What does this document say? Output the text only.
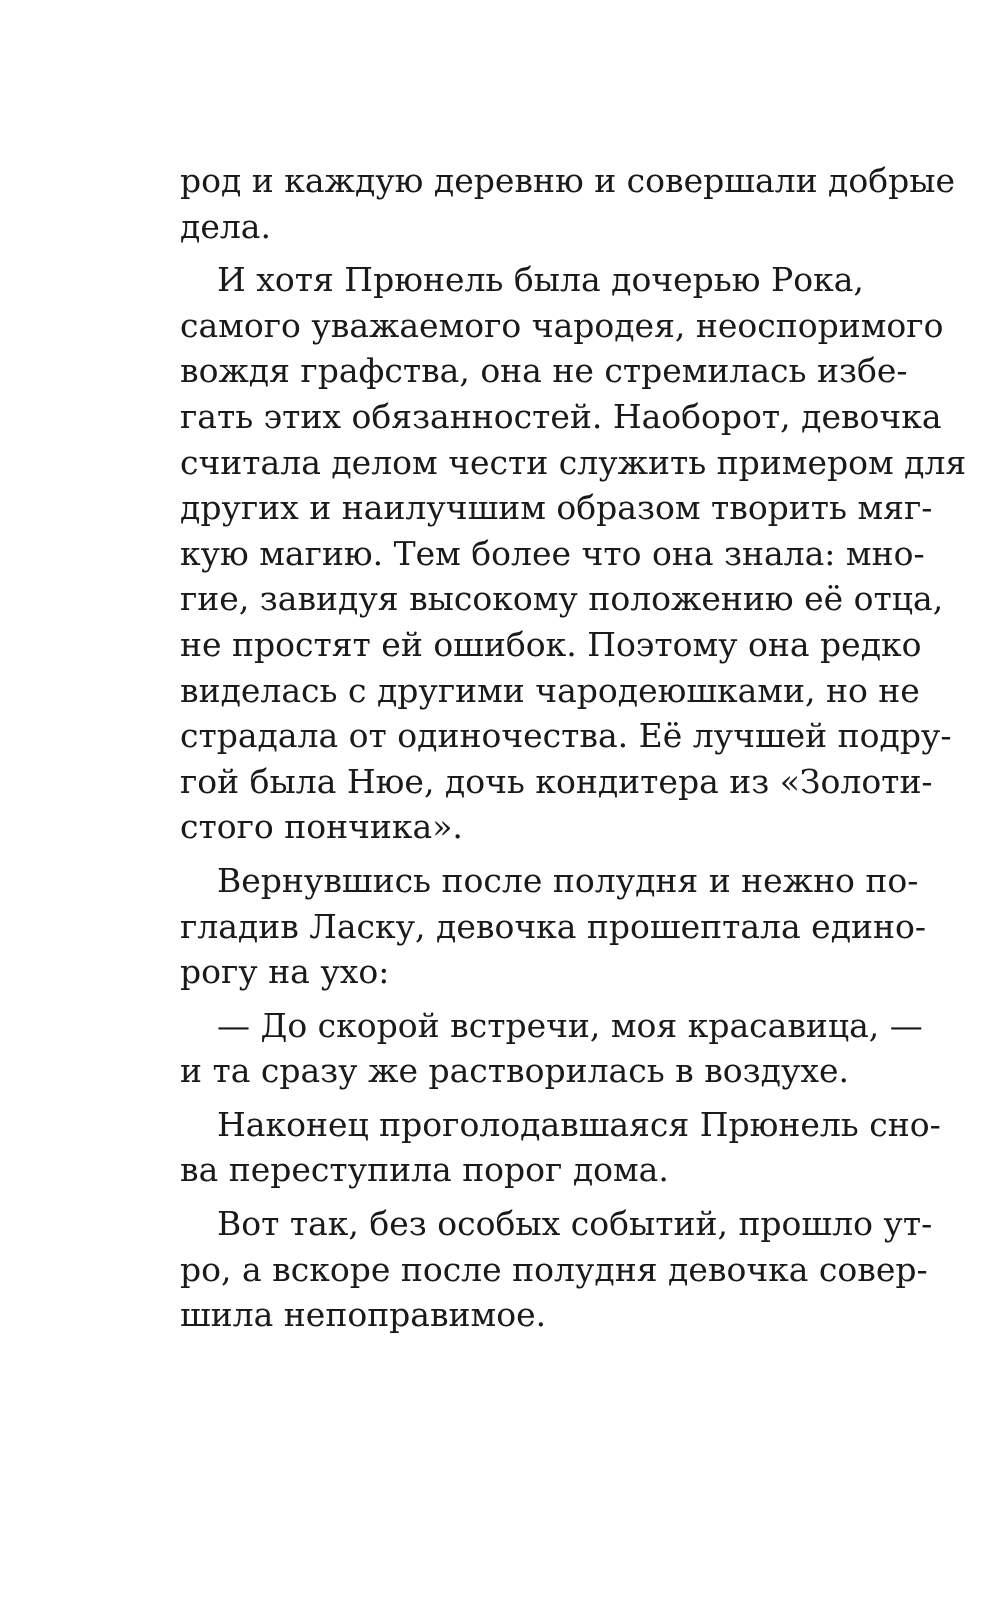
род и каждую деревню и совершали добрые
дела.
И хотя Прюнель была дочерью Рока,
самого уважаемого чародея, неоспоримого
вождя графства, она не стремилась избе-
гать этих обязанностей. Наоборот, девочка
считала делом чести служить примером для
других и наилучшим образом творить мяг-
кую магию. Тем более что она знала: мно-
гие, завидуя высокому положению её отца,
не простят ей ошибок. Поэтому она редко
виделась с другими чародеюшками, но не
страдала от одиночества. Её лучшей подру-
гой была Нюе, дочь кондитера из «Золоти-
стого пончика».
Вернувшись после полудня и нежно по-
гладив Ласку, девочка прошептала едино-
рогу на ухо:
— До скорой встречи, моя красавица, —
и та сразу же растворилась в воздухе.
Наконец проголодавшаяся Прюнель сно-
ва переступила порог дома.
Вот так, без особых событий, прошло ут-
ро, а вскоре после полудня девочка совер-
шила непоправимое.
